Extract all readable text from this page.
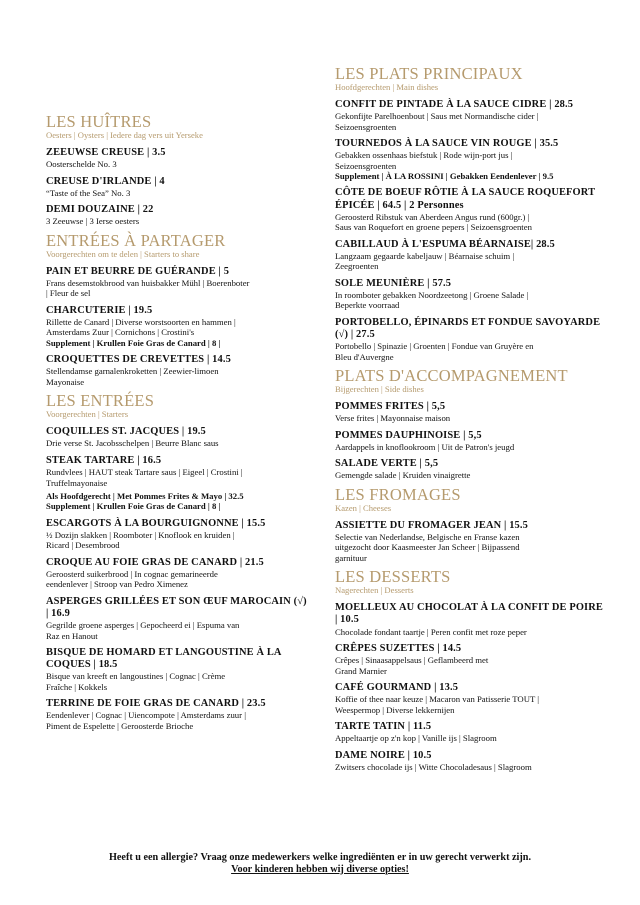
LES HUÎTRES
Oesters | Oysters | Iedere dag vers uit Yerseke
ZEEUWSE CREUSE | 3.5
Oosterschelde No. 3
CREUSE D'IRLANDE | 4
“Taste of the Sea” No. 3
DEMI DOUZAINE | 22
3 Zeeuwse | 3 Ierse oesters
ENTRÉES À PARTAGER
Voorgerechten om te delen | Starters to share
PAIN ET BEURRE DE GUÉRANDE | 5
Frans desemstokbrood van huisbakker Mühl | Boerenboter
| Fleur de sel
CHARCUTERIE | 19.5
Rillette de Canard | Diverse worstsoorten en hammen |
Amsterdams Zuur | Cornichons | Crostini's
Supplement | Krullen Foie Gras de Canard | 8 |
CROQUETTES DE CREVETTES | 14.5
Stellendamse garnalenkroketten | Zeewier-limoen
Mayonaise
LES ENTRÉES
Voorgerechten | Starters
COQUILLES ST. JACQUES | 19.5
Drie verse St. Jacobsschelpen | Beurre Blanc saus
STEAK TARTARE | 16.5
Rundvlees | HAUT steak Tartare saus | Eigeel | Crostini |
Truffelmayonaise
Als Hoofdgerecht | Met Pommes Frites & Mayo | 32.5
Supplement | Krullen Foie Gras de Canard | 8 |
ESCARGOTS À LA BOURGUIGNONNE | 15.5
½ Dozijn slakken | Roomboter | Knoflook en kruiden |
Ricard | Desembrood
CROQUE AU FOIE GRAS DE CANARD | 21.5
Geroosterd suikerbrood | In cognac gemarineerde
eendenlever | Stroop van Pedro Ximenez
ASPERGES GRILLÉES ET SON ŒUF MAROCAIN (√) | 16.9
Gegrilde groene asperges | Gepocheerd ei | Espuma van
Raz en Hanout
BISQUE DE HOMARD ET LANGOUSTINE À LA COQUES | 18.5
Bisque van kreeft en langoustines | Cognac | Crème
Fraîche | Kokkels
TERRINE DE FOIE GRAS DE CANARD | 23.5
Eendenlever | Cognac | Uiencompote | Amsterdams zuur |
Piment de Espelette | Geroosterde Brioche
LES PLATS PRINCIPAUX
Hoofdgerechten | Main dishes
CONFIT DE PINTADE À LA SAUCE CIDRE | 28.5
Gekonfijte Parelhoenbout | Saus met Normandische cider |
Seizoensgroenten
TOURNEDOS À LA SAUCE VIN ROUGE | 35.5
Gebakken ossenhaas biefstuk | Rode wijn-port jus |
Seizoensgroenten
Supplement | À LA ROSSINI | Gebakken Eendenlever | 9.5
CÔTE DE BOEUF RÔTIE À LA SAUCE ROQUEFORT ÉPICÉE | 64.5 | 2 Personnes
Geroosterd Ribstuk van Aberdeen Angus rund (600gr.) |
Saus van Roquefort en groene pepers | Seizoensgroenten
CABILLAUD À L'ESPUMA BÉARNAISE| 28.5
Langzaam gegaarde kabeljauw | Béarnaise schuim |
Zeegroenten
SOLE MEUNIÈRE | 57.5
In roomboter gebakken Noordzeetong | Groene Salade |
Beperkte voorraad
PORTOBELLO, ÉPINARDS ET FONDUE SAVOYARDE (√) | 27.5
Portobello | Spinazie | Groenten | Fondue van Gruyère en
Bleu d'Auvergne
PLATS D'ACCOMPAGNEMENT
Bijgerechten | Side dishes
POMMES FRITES | 5,5
Verse frites | Mayonnaise maison
POMMES DAUPHINOISE | 5,5
Aardappels in knoflookroom | Uit de Patron's jeugd
SALADE VERTE | 5,5
Gemengde salade | Kruiden vinaigrette
LES FROMAGES
Kazen | Cheeses
ASSIETTE DU FROMAGER JEAN | 15.5
Selectie van Nederlandse, Belgische en Franse kazen
uitgezocht door Kaasmeester Jan Scheer | Bijpassend
garnituur
LES DESSERTS
Nagerechten | Desserts
MOELLEUX AU CHOCOLAT À LA CONFIT DE POIRE | 10.5
Chocolade fondant taartje | Peren confit met roze peper
CRÊPES SUZETTES | 14.5
Crêpes | Sinaasappelsaus | Geflambeerd met
Grand Marnier
CAFÉ GOURMAND | 13.5
Koffie of thee naar keuze | Macaron van Patisserie TOUT |
Weespermop | Diverse lekkernijen
TARTE TATIN | 11.5
Appeltaartje op z'n kop | Vanille ijs | Slagroom
DAME NOIRE | 10.5
Zwitsers chocolade ijs | Witte Chocoladesaus | Slagroom
Heeft u een allergie? Vraag onze medewerkers welke ingrediënten er in uw gerecht verwerkt zijn.
Voor kinderen hebben wij diverse opties!
